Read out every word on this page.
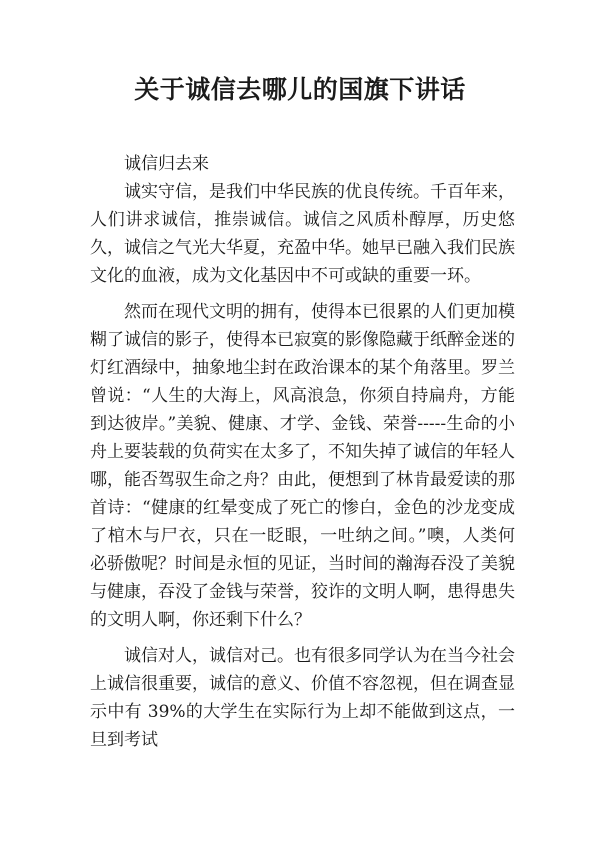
关于诚信去哪儿的国旗下讲话

诚信归去来

诚实守信，是我们中华民族的优良传统。千百年来，人们讲求诚信，推崇诚信。诚信之风质朴醇厚，历史悠久，诚信之气光大华夏，充盈中华。她早已融入我们民族文化的血液，成为文化基因中不可或缺的重要一环。

然而在现代文明的拥有，使得本已很累的人们更加模糊了诚信的影子，使得本已寂寞的影像隐藏于纸醉金迷的灯红酒绿中，抽象地尘封在政治课本的某个角落里。罗兰曾说：“人生的大海上，风高浪急，你须自持扁舟，方能到达彼岸。”美貌、健康、才学、金钱、荣誉-----生命的小舟上要装载的负荷实在太多了，不知失掉了诚信的年轻人哪，能否驾驭生命之舟？由此，便想到了林肯最爱读的那首诗：“健康的红晕变成了死亡的惨白，金色的沙龙变成了棺木与尸衣，只在一眨眼，一吐纳之间。”噢，人类何必骄傲呢？时间是永恒的见证，当时间的瀚海吞没了美貌与健康，吞没了金钱与荣誉，狡诈的文明人啊，患得患失的文明人啊，你还剩下什么？

诚信对人，诚信对己。也有很多同学认为在当今社会上诚信很重要，诚信的意义、价值不容忽视，但在调查显示中有 39%的大学生在实际行为上却不能做到这点，一旦到考试
